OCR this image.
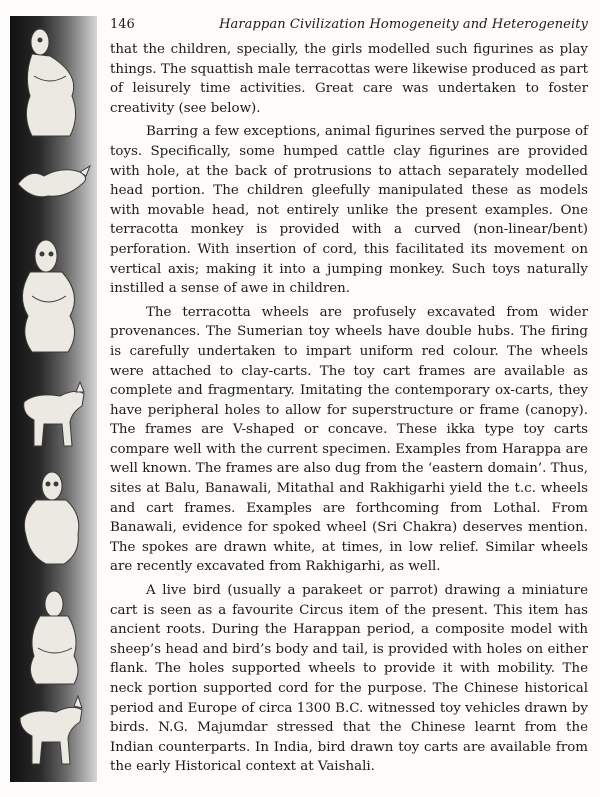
146	Harappan Civilization Homogeneity and Heterogeneity

that the children, specially, the girls modelled such figurines as play things. The squattish male terracottas were likewise produced as part of leisurely time activities. Great care was undertaken to foster creativity (see below).

Barring a few exceptions, animal figurines served the purpose of toys. Specifically, some humped cattle clay figurines are provided with hole, at the back of protrusions to attach separately modelled head portion. The children gleefully manipulated these as models with movable head, not entirely unlike the present examples. One terracotta monkey is provided with a curved (non-linear/bent) perforation. With insertion of cord, this facilitated its movement on vertical axis; making it into a jumping monkey. Such toys naturally instilled a sense of awe in children.

The terracotta wheels are profusely excavated from wider provenances. The Sumerian toy wheels have double hubs. The firing is carefully undertaken to impart uniform red colour. The wheels were attached to clay-carts. The toy cart frames are available as complete and fragmentary. Imitating the contemporary ox-carts, they have peripheral holes to allow for superstructure or frame (canopy). The frames are V-shaped or concave. These ikka type toy carts compare well with the current specimen. Examples from Harappa are well known. The frames are also dug from the ‘eastern domain’. Thus, sites at Balu, Banawali, Mitathal and Rakhigarhi yield the t.c. wheels and cart frames. Examples are forthcoming from Lothal. From Banawali, evidence for spoked wheel (Sri Chakra) deserves mention. The spokes are drawn white, at times, in low relief. Similar wheels are recently excavated from Rakhigarhi, as well.

A live bird (usually a parakeet or parrot) drawing a miniature cart is seen as a favourite Circus item of the present. This item has ancient roots. During the Harappan period, a composite model with sheep’s head and bird’s body and tail, is provided with holes on either flank. The holes supported wheels to provide it with mobility. The neck portion supported cord for the purpose. The Chinese historical period and Europe of circa 1300 B.C. witnessed toy vehicles drawn by birds. N.G. Majumdar stressed that the Chinese learnt from the Indian counterparts. In India, bird drawn toy carts are available from the early Historical context at Vaishali.
